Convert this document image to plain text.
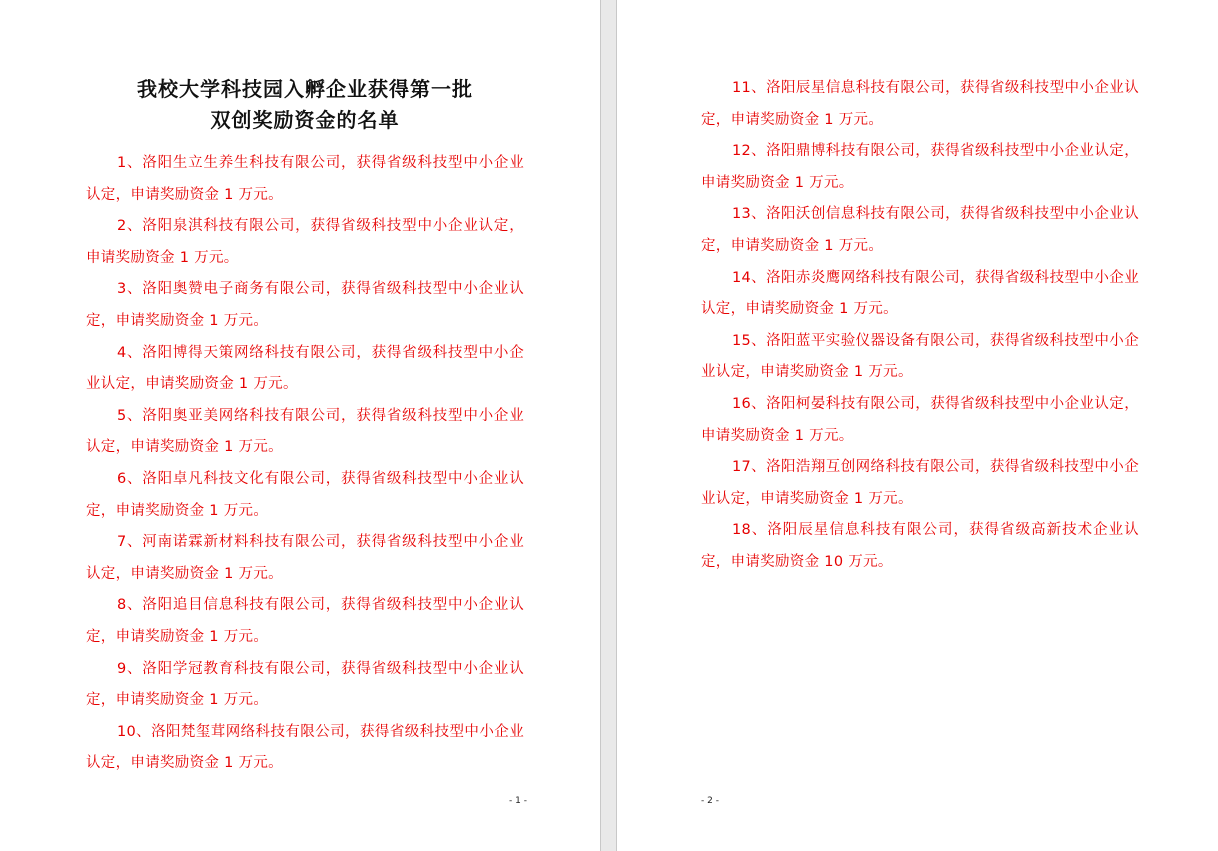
我校大学科技园入孵企业获得第一批
双创奖励资金的名单

1、洛阳生立生养生科技有限公司，获得省级科技型中小企业认定，申请奖励资金 1 万元。

2、洛阳泉淇科技有限公司，获得省级科技型中小企业认定，申请奖励资金 1 万元。

3、洛阳奥赞电子商务有限公司，获得省级科技型中小企业认定，申请奖励资金 1 万元。

4、洛阳博得天策网络科技有限公司，获得省级科技型中小企业认定，申请奖励资金 1 万元。

5、洛阳奥亚美网络科技有限公司，获得省级科技型中小企业认定，申请奖励资金 1 万元。

6、洛阳卓凡科技文化有限公司，获得省级科技型中小企业认定，申请奖励资金 1 万元。

7、河南诺霖新材料科技有限公司，获得省级科技型中小企业认定，申请奖励资金 1 万元。

8、洛阳追目信息科技有限公司，获得省级科技型中小企业认定，申请奖励资金 1 万元。

9、洛阳学冠教育科技有限公司，获得省级科技型中小企业认定，申请奖励资金 1 万元。

10、洛阳梵玺茸网络科技有限公司，获得省级科技型中小企业认定，申请奖励资金 1 万元。

- 1 -

11、洛阳辰星信息科技有限公司，获得省级科技型中小企业认定，申请奖励资金 1 万元。

12、洛阳鼎博科技有限公司，获得省级科技型中小企业认定，申请奖励资金 1 万元。

13、洛阳沃创信息科技有限公司，获得省级科技型中小企业认定，申请奖励资金 1 万元。

14、洛阳赤炎鹰网络科技有限公司，获得省级科技型中小企业认定，申请奖励资金 1 万元。

15、洛阳蓝平实验仪器设备有限公司，获得省级科技型中小企业认定，申请奖励资金 1 万元。

16、洛阳柯晏科技有限公司，获得省级科技型中小企业认定，申请奖励资金 1 万元。

17、洛阳浩翔互创网络科技有限公司，获得省级科技型中小企业认定，申请奖励资金 1 万元。

18、洛阳辰星信息科技有限公司，获得省级高新技术企业认定，申请奖励资金 10 万元。

- 2 -
